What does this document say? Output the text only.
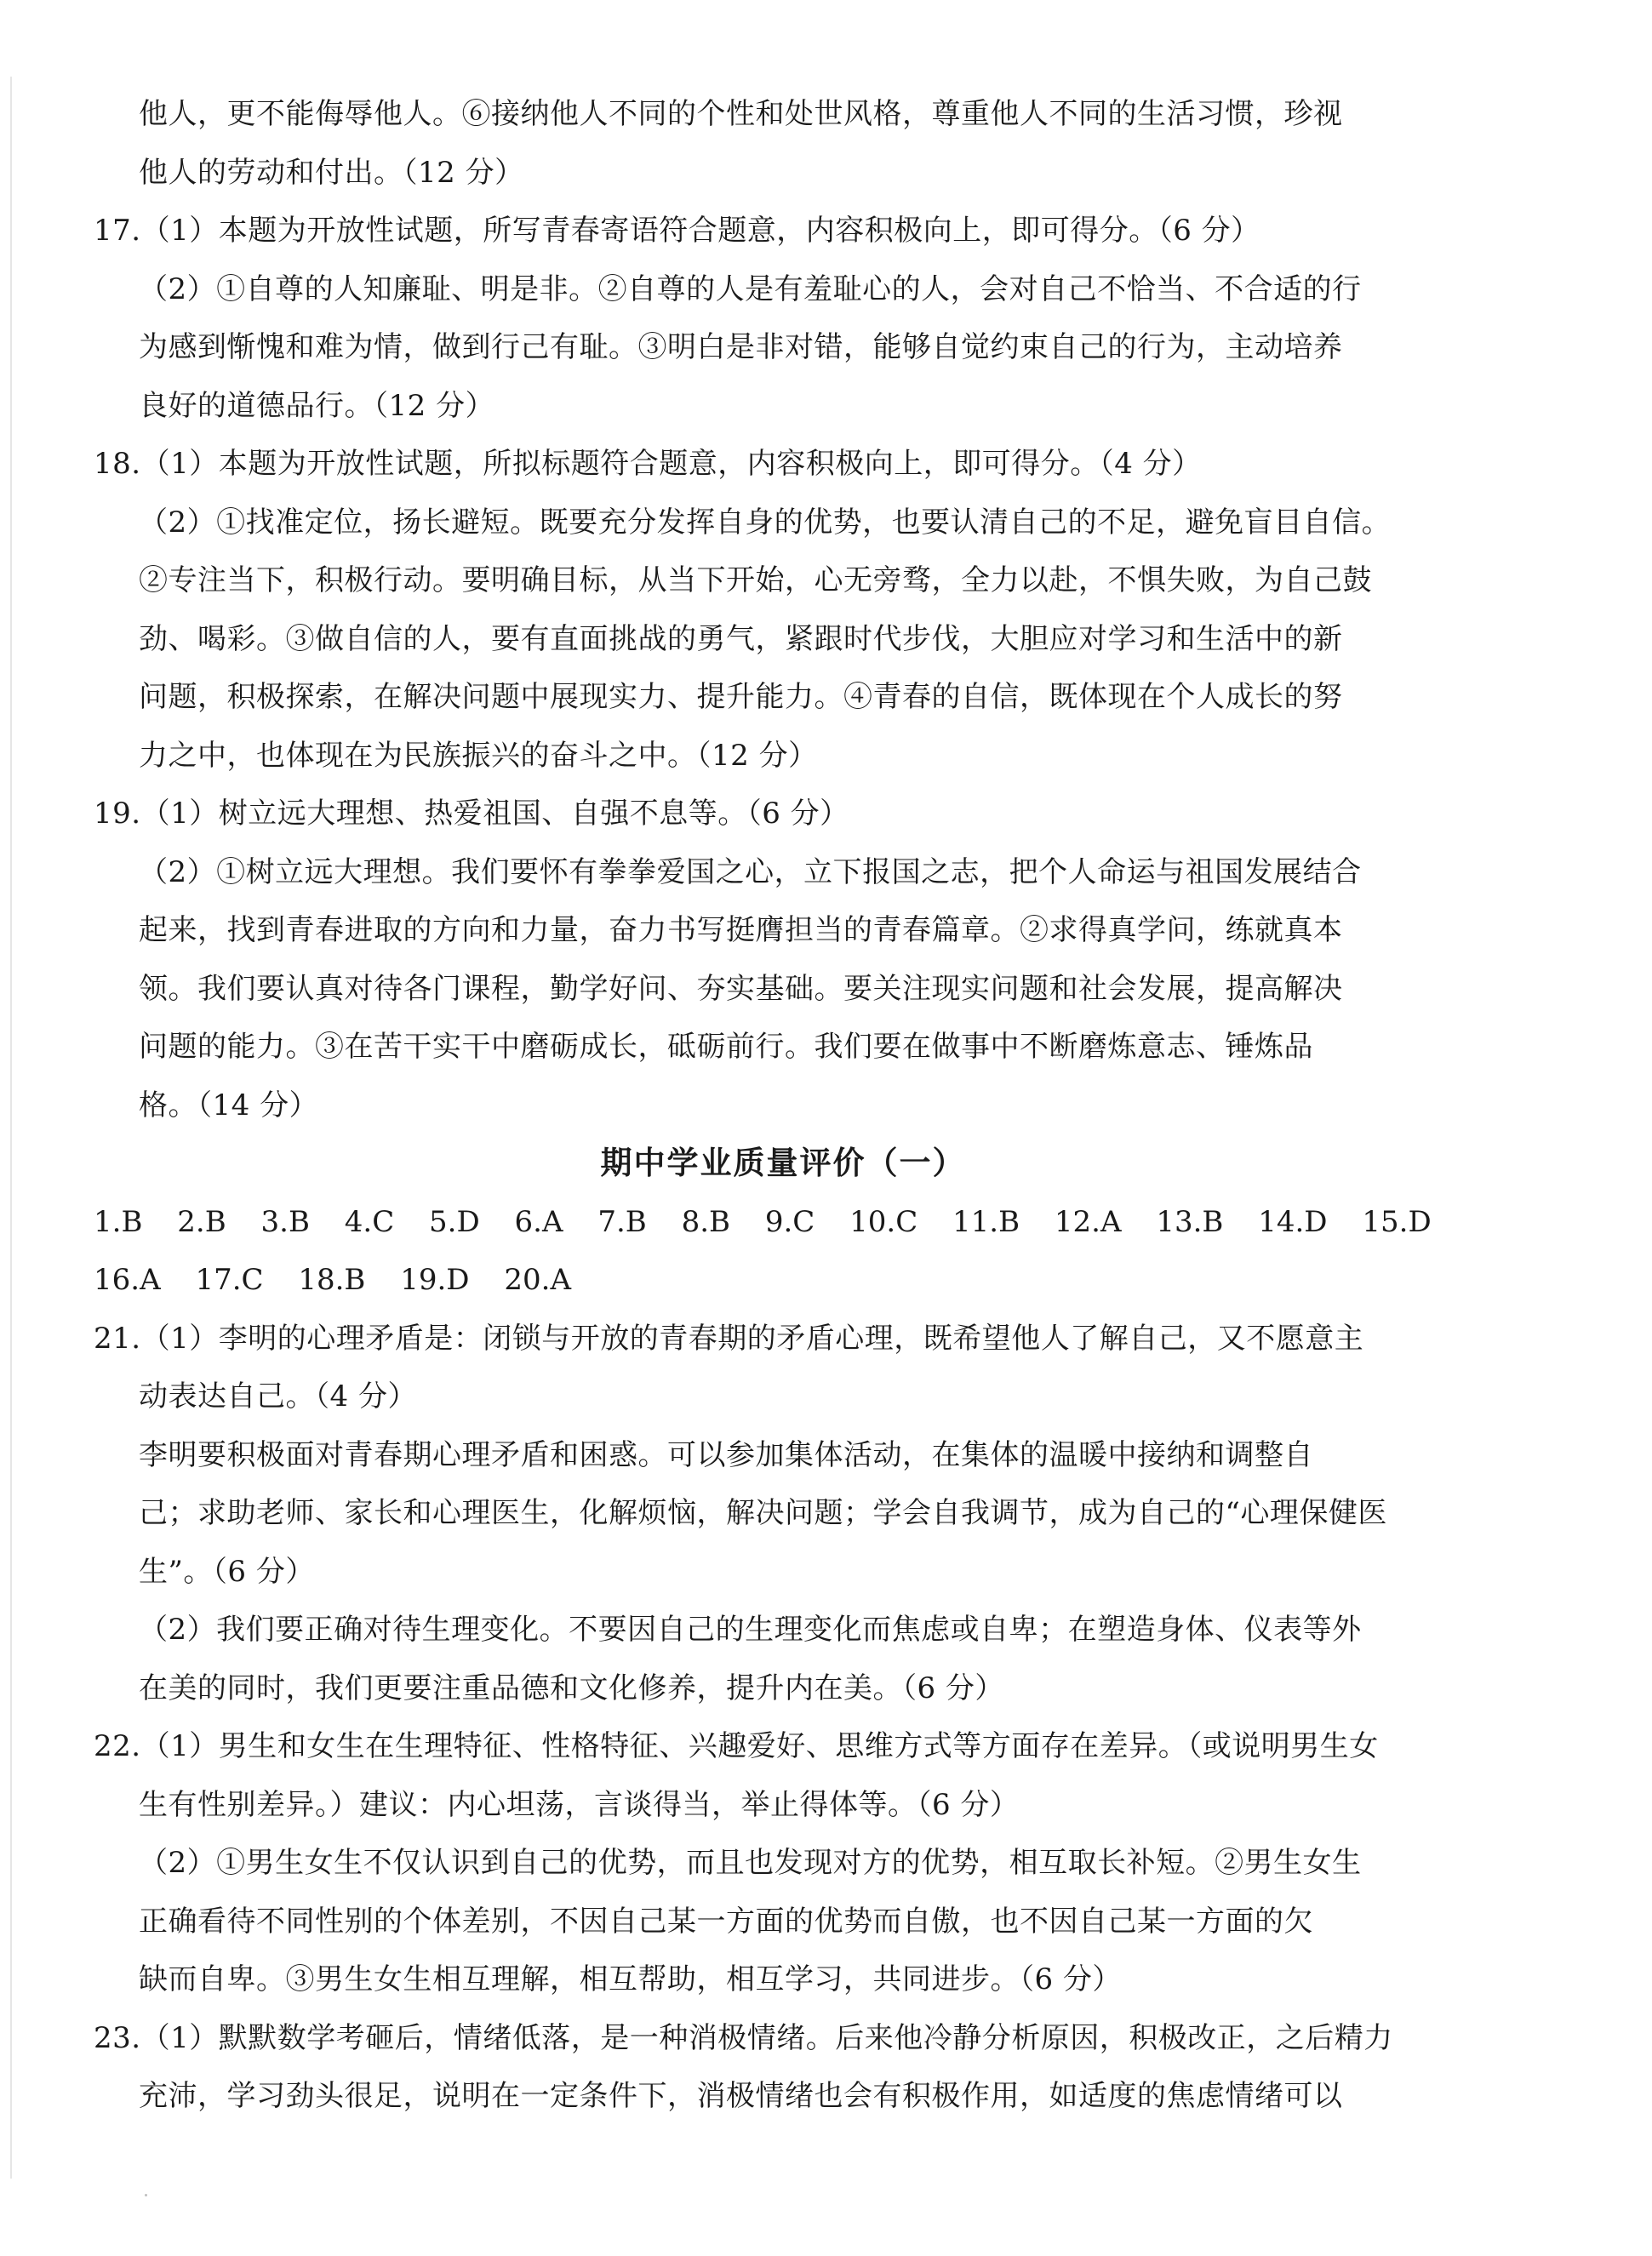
他人，更不能侮辱他人。⑥接纳他人不同的个性和处世风格，尊重他人不同的生活习惯，珍视
他人的劳动和付出。（12 分）
17.（1）本题为开放性试题，所写青春寄语符合题意，内容积极向上，即可得分。（6 分）
（2）①自尊的人知廉耻、明是非。②自尊的人是有羞耻心的人，会对自己不恰当、不合适的行
为感到惭愧和难为情，做到行己有耻。③明白是非对错，能够自觉约束自己的行为，主动培养
良好的道德品行。（12 分）
18.（1）本题为开放性试题，所拟标题符合题意，内容积极向上，即可得分。（4 分）
（2）①找准定位，扬长避短。既要充分发挥自身的优势，也要认清自己的不足，避免盲目自信。
②专注当下，积极行动。要明确目标，从当下开始，心无旁骛，全力以赴，不惧失败，为自己鼓
劲、喝彩。③做自信的人，要有直面挑战的勇气，紧跟时代步伐，大胆应对学习和生活中的新
问题，积极探索，在解决问题中展现实力、提升能力。④青春的自信，既体现在个人成长的努
力之中，也体现在为民族振兴的奋斗之中。（12 分）
19.（1）树立远大理想、热爱祖国、自强不息等。（6 分）
（2）①树立远大理想。我们要怀有拳拳爱国之心，立下报国之志，把个人命运与祖国发展结合
起来，找到青春进取的方向和力量，奋力书写挺膺担当的青春篇章。②求得真学问，练就真本
领。我们要认真对待各门课程，勤学好问、夯实基础。要关注现实问题和社会发展，提高解决
问题的能力。③在苦干实干中磨砺成长，砥砺前行。我们要在做事中不断磨炼意志、锤炼品
格。（14 分）
期中学业质量评价（一）
1.B 2.B 3.B 4.C 5.D 6.A 7.B 8.B 9.C 10.C 11.B 12.A 13.B 14.D 15.D
16.A 17.C 18.B 19.D 20.A
21.（1）李明的心理矛盾是：闭锁与开放的青春期的矛盾心理，既希望他人了解自己，又不愿意主
动表达自己。（4 分）
李明要积极面对青春期心理矛盾和困惑。可以参加集体活动，在集体的温暖中接纳和调整自
己；求助老师、家长和心理医生，化解烦恼，解决问题；学会自我调节，成为自己的“心理保健医
生”。（6 分）
（2）我们要正确对待生理变化。不要因自己的生理变化而焦虑或自卑；在塑造身体、仪表等外
在美的同时，我们更要注重品德和文化修养，提升内在美。（6 分）
22.（1）男生和女生在生理特征、性格特征、兴趣爱好、思维方式等方面存在差异。（或说明男生女
生有性别差异。）建议：内心坦荡，言谈得当，举止得体等。（6 分）
（2）①男生女生不仅认识到自己的优势，而且也发现对方的优势，相互取长补短。②男生女生
正确看待不同性别的个体差别，不因自己某一方面的优势而自傲，也不因自己某一方面的欠
缺而自卑。③男生女生相互理解，相互帮助，相互学习，共同进步。（6 分）
23.（1）默默数学考砸后，情绪低落，是一种消极情绪。后来他冷静分析原因，积极改正，之后精力
充沛，学习劲头很足，说明在一定条件下，消极情绪也会有积极作用，如适度的焦虑情绪可以
